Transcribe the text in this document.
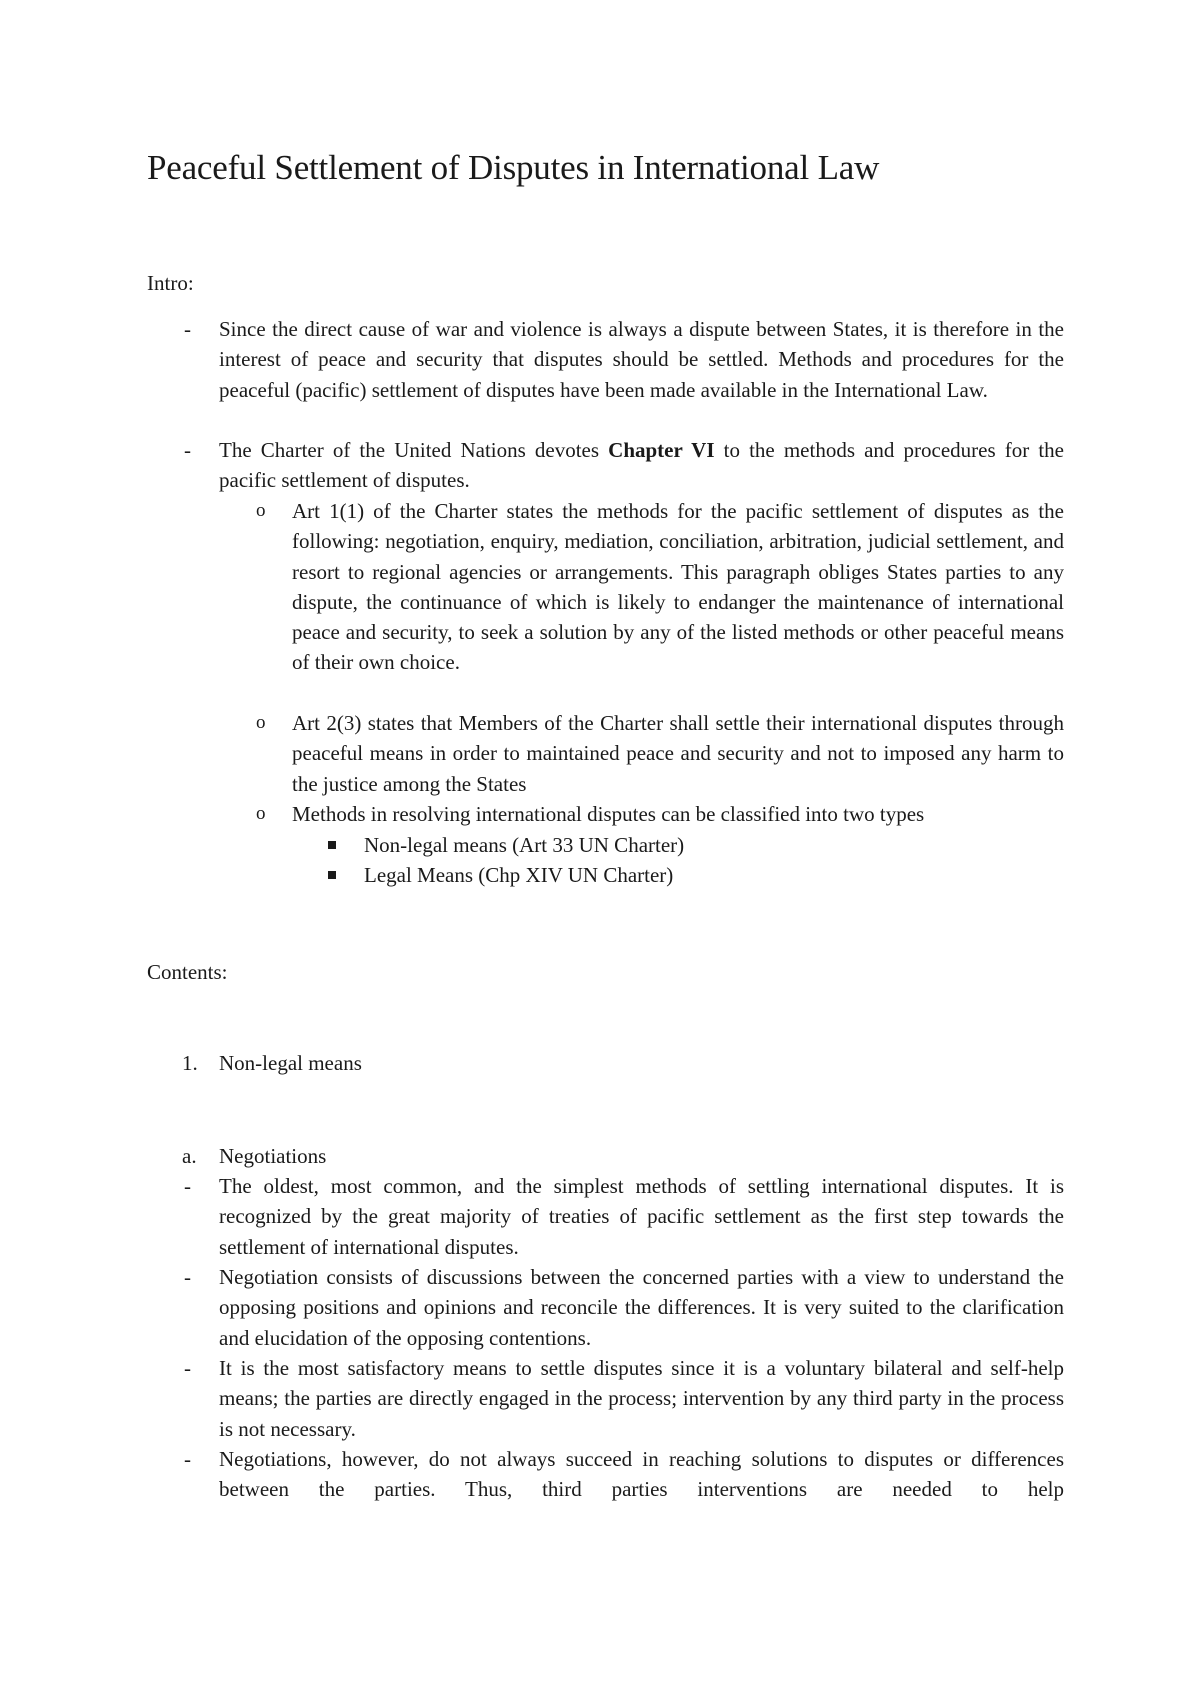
Peaceful Settlement of Disputes in International Law
Intro:
- Since the direct cause of war and violence is always a dispute between States, it is therefore in the interest of peace and security that disputes should be settled. Methods and procedures for the peaceful (pacific) settlement of disputes have been made available in the International Law.
- The Charter of the United Nations devotes Chapter VI to the methods and procedures for the pacific settlement of disputes.
o Art 1(1) of the Charter states the methods for the pacific settlement of disputes as the following: negotiation, enquiry, mediation, conciliation, arbitration, judicial settlement, and resort to regional agencies or arrangements. This paragraph obliges States parties to any dispute, the continuance of which is likely to endanger the maintenance of international peace and security, to seek a solution by any of the listed methods or other peaceful means of their own choice.
o Art 2(3) states that Members of the Charter shall settle their international disputes through peaceful means in order to maintained peace and security and not to imposed any harm to the justice among the States
o Methods in resolving international disputes can be classified into two types
Non-legal means (Art 33 UN Charter)
Legal Means (Chp XIV UN Charter)
Contents:
1. Non-legal means
a. Negotiations
- The oldest, most common, and the simplest methods of settling international disputes. It is recognized by the great majority of treaties of pacific settlement as the first step towards the settlement of international disputes.
- Negotiation consists of discussions between the concerned parties with a view to understand the opposing positions and opinions and reconcile the differences. It is very suited to the clarification and elucidation of the opposing contentions.
- It is the most satisfactory means to settle disputes since it is a voluntary bilateral and self-help means; the parties are directly engaged in the process; intervention by any third party in the process is not necessary.
- Negotiations, however, do not always succeed in reaching solutions to disputes or differences between the parties. Thus, third parties interventions are needed to help
